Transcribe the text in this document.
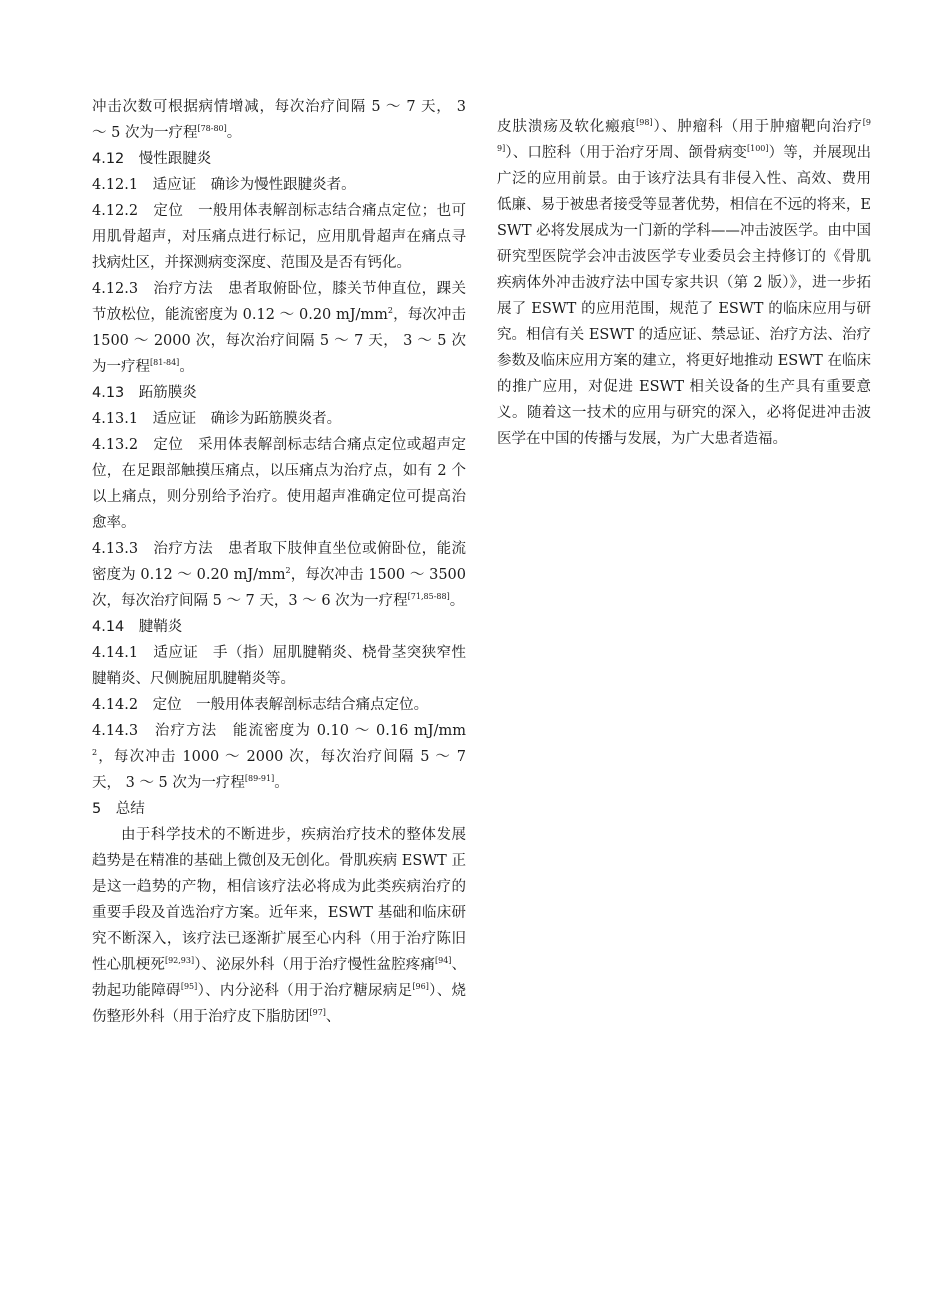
冲击次数可根据病情增减，每次治疗间隔 5 ～ 7 天， 3 ～ 5 次为一疗程[78-80]。

4.12　慢性跟腱炎

4.12.1　适应证　确诊为慢性跟腱炎者。

4.12.2　定位　一般用体表解剖标志结合痛点定位；也可用肌骨超声，对压痛点进行标记，应用肌骨超声在痛点寻找病灶区，并探测病变深度、范围及是否有钙化。

4.12.3　治疗方法　患者取俯卧位，膝关节伸直位，踝关节放松位，能流密度为 0.12 ～ 0.20 $mJ/mm^2$，每次冲击 1500 ～ 2000 次，每次治疗间隔 5 ～ 7 天， 3 ～ 5 次为一疗程[81-84]。

4.13　跖筋膜炎

4.13.1　适应证　确诊为跖筋膜炎者。

4.13.2　定位　采用体表解剖标志结合痛点定位或超声定位，在足跟部触摸压痛点，以压痛点为治疗点，如有 2 个以上痛点，则分别给予治疗。使用超声准确定位可提高治愈率。

4.13.3　治疗方法　患者取下肢伸直坐位或俯卧位，能流密度为 0.12 ～ 0.20 $mJ/mm^2$，每次冲击 1500 ～ 3500 次，每次治疗间隔 5 ～ 7 天，3 ～ 6 次为一疗程[71,85-88]。

4.14　腱鞘炎

4.14.1　适应证　手（指）屈肌腱鞘炎、桡骨茎突狭窄性腱鞘炎、尺侧腕屈肌腱鞘炎等。

4.14.2　定位　一般用体表解剖标志结合痛点定位。

4.14.3　治疗方法　能流密度为 0.10 ～ 0.16 $mJ/mm^2$，每次冲击 1000 ～ 2000 次，每次治疗间隔 5 ～ 7 天， 3 ～ 5 次为一疗程[89-91]。

5　总结

由于科学技术的不断进步，疾病治疗技术的整体发展趋势是在精准的基础上微创及无创化。骨肌疾病 ESWT 正是这一趋势的产物，相信该疗法必将成为此类疾病治疗的重要手段及首选治疗方案。近年来，ESWT 基础和临床研究不断深入，该疗法已逐渐扩展至心内科（用于治疗陈旧性心肌梗死[92,93]）、泌尿外科（用于治疗慢性盆腔疼痛[94]、勃起功能障碍[95]）、内分泌科（用于治疗糖尿病足[96]）、烧伤整形外科（用于治疗皮下脂肪团[97]、

皮肤溃疡及软化瘢痕[98]）、肿瘤科（用于肿瘤靶向治疗[99]）、口腔科（用于治疗牙周、颌骨病变[100]）等，并展现出广泛的应用前景。由于该疗法具有非侵入性、高效、费用低廉、易于被患者接受等显著优势，相信在不远的将来，ESWT 必将发展成为一门新的学科——冲击波医学。由中国研究型医院学会冲击波医学专业委员会主持修订的《骨肌疾病体外冲击波疗法中国专家共识（第 2 版）》，进一步拓展了 ESWT 的应用范围，规范了 ESWT 的临床应用与研究。相信有关 ESWT 的适应证、禁忌证、治疗方法、治疗参数及临床应用方案的建立，将更好地推动 ESWT 在临床的推广应用，对促进 ESWT 相关设备的生产具有重要意义。随着这一技术的应用与研究的深入，必将促进冲击波医学在中国的传播与发展，为广大患者造福。
